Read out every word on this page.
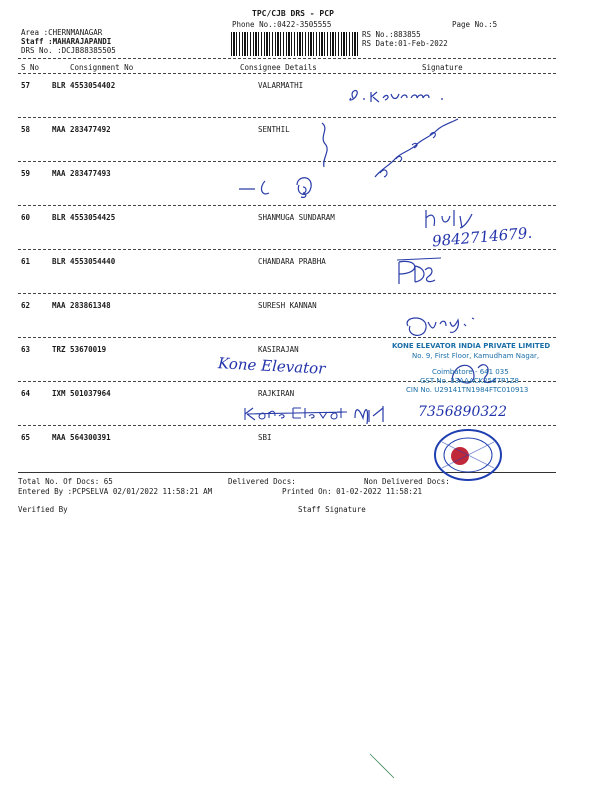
TPC/CJB DRS - PCP
Phone No.:0422-3505555	Page No.:5
Area :CHERNMANAGAR
Staff :MAHARAJAPANDI
DRS No. :DCJB88385505
RS No.:883855
RS Date:01-Feb-2022
S No	Consignment No	Consignee Details	Signature
57	BLR 4553054402	VALARMATHI
58	MAA 283477492	SENTHIL
59	MAA 283477493
60	BLR 4553054425	SHANMUGA SUNDARAM
61	BLR 4553054440	CHANDARA PRABHA
62	MAA 283861348	SURESH KANNAN
63	TRZ 53670019	KASIRAJAN
64	IXM 501037964	RAJKIRAN
65	MAA 564300391	SBI
9842714679.
Kone Elevator
7356890322
KONE ELEVATOR INDIA PRIVATE LIMITED
No. 9, First Floor, Kamudham Nagar,
Coimbatore - 641 035
GST No. 33AAACK2567P1Z8
CIN No. U29141TN1984FTC010913
Total No. Of Docs: 65	Delivered Docs:	Non Delivered Docs:
Entered By :PCPSELVA 02/01/2022 11:58:21 AM	Printed On: 01-02-2022 11:58:21
Verified By	Staff Signature
